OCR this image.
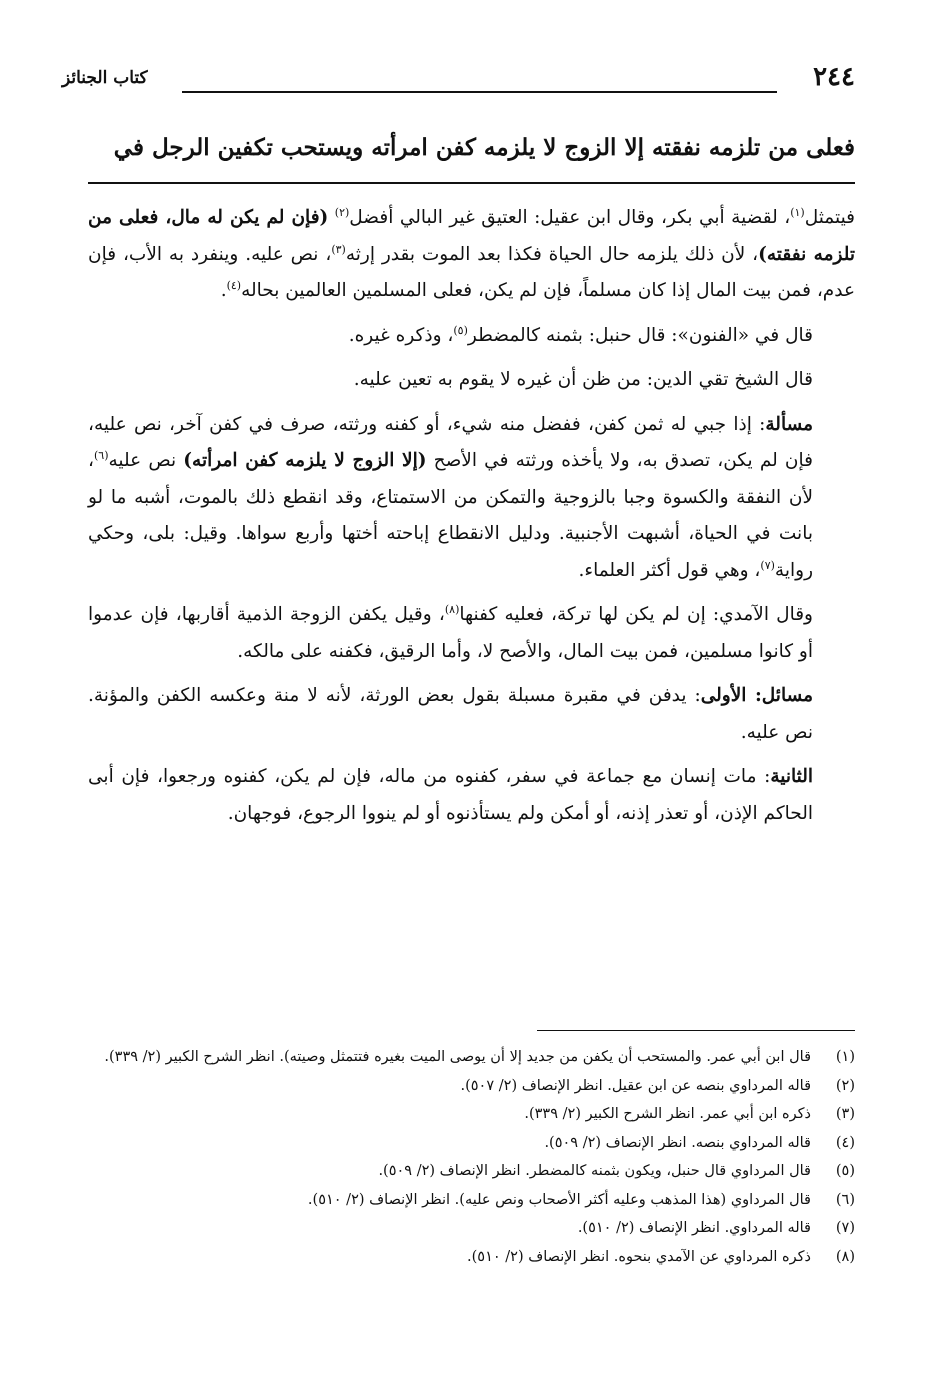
٢٤٤
كتاب الجنائز
فعلى من تلزمه نفقته إلا الزوج لا يلزمه كفن امرأته ويستحب تكفين الرجل في

فيتمثل$^{(١)}$، لقضية أبي بكر، وقال ابن عقيل: العتيق غير البالي أفضل$^{(٢)}$ (فإن لم يكن له مال، فعلى من تلزمه نفقته)، لأن ذلك يلزمه حال الحياة فكذا بعد الموت بقدر إرثه$^{(٣)}$، نص عليه. وينفرد به الأب، فإن عدم، فمن بيت المال إذا كان مسلماً، فإن لم يكن، فعلى المسلمين العالمين بحاله$^{(٤)}$.

قال في «الفنون»: قال حنبل: بثمنه كالمضطر$^{(٥)}$، وذكره غيره.

قال الشيخ تقي الدين: من ظن أن غيره لا يقوم به تعين عليه.

مسألة: إذا جبي له ثمن كفن، ففضل منه شيء، أو كفنه ورثته، صرف في كفن آخر، نص عليه، فإن لم يكن، تصدق به، ولا يأخذه ورثته في الأصح (إلا الزوج لا يلزمه كفن امرأته) نص عليه$^{(٦)}$، لأن النفقة والكسوة وجبا بالزوجية والتمكن من الاستمتاع، وقد انقطع ذلك بالموت، أشبه ما لو بانت في الحياة، أشبهت الأجنبية. ودليل الانقطاع إباحته أختها وأربع سواها. وقيل: بلى، وحكي رواية$^{(٧)}$، وهي قول أكثر العلماء.

وقال الآمدي: إن لم يكن لها تركة، فعليه كفنها$^{(٨)}$، وقيل يكفن الزوجة الذمية أقاربها، فإن عدموا أو كانوا مسلمين، فمن بيت المال، والأصح لا، وأما الرقيق، فكفنه على مالكه.

مسائل: الأولى: يدفن في مقبرة مسبلة بقول بعض الورثة، لأنه لا منة وعكسه الكفن والمؤنة. نص عليه.

الثانية: مات إنسان مع جماعة في سفر، كفنوه من ماله، فإن لم يكن، كفنوه ورجعوا، فإن أبى الحاكم الإذن، أو تعذر إذنه، أو أمكن ولم يستأذنوه أو لم ينووا الرجوع، فوجهان.

(١)
قال ابن أبي عمر. والمستحب أن يكفن من جديد إلا أن يوصى الميت بغيره فتتمثل وصيته). انظر الشرح الكبير (٢/ ٣٣٩).
(٢)
قاله المرداوي بنصه عن ابن عقيل. انظر الإنصاف (٢/ ٥٠٧).
(٣)
ذكره ابن أبي عمر. انظر الشرح الكبير (٢/ ٣٣٩).
(٤)
قاله المرداوي بنصه. انظر الإنصاف (٢/ ٥٠٩).
(٥)
قال المرداوي قال حنبل، ويكون بثمنه كالمضطر. انظر الإنصاف (٢/ ٥٠٩).
(٦)
قال المرداوي (هذا المذهب وعليه أكثر الأصحاب ونص عليه). انظر الإنصاف (٢/ ٥١٠).
(٧)
قاله المرداوي. انظر الإنصاف (٢/ ٥١٠).
(٨)
ذكره المرداوي عن الآمدي بنحوه. انظر الإنصاف (٢/ ٥١٠).
